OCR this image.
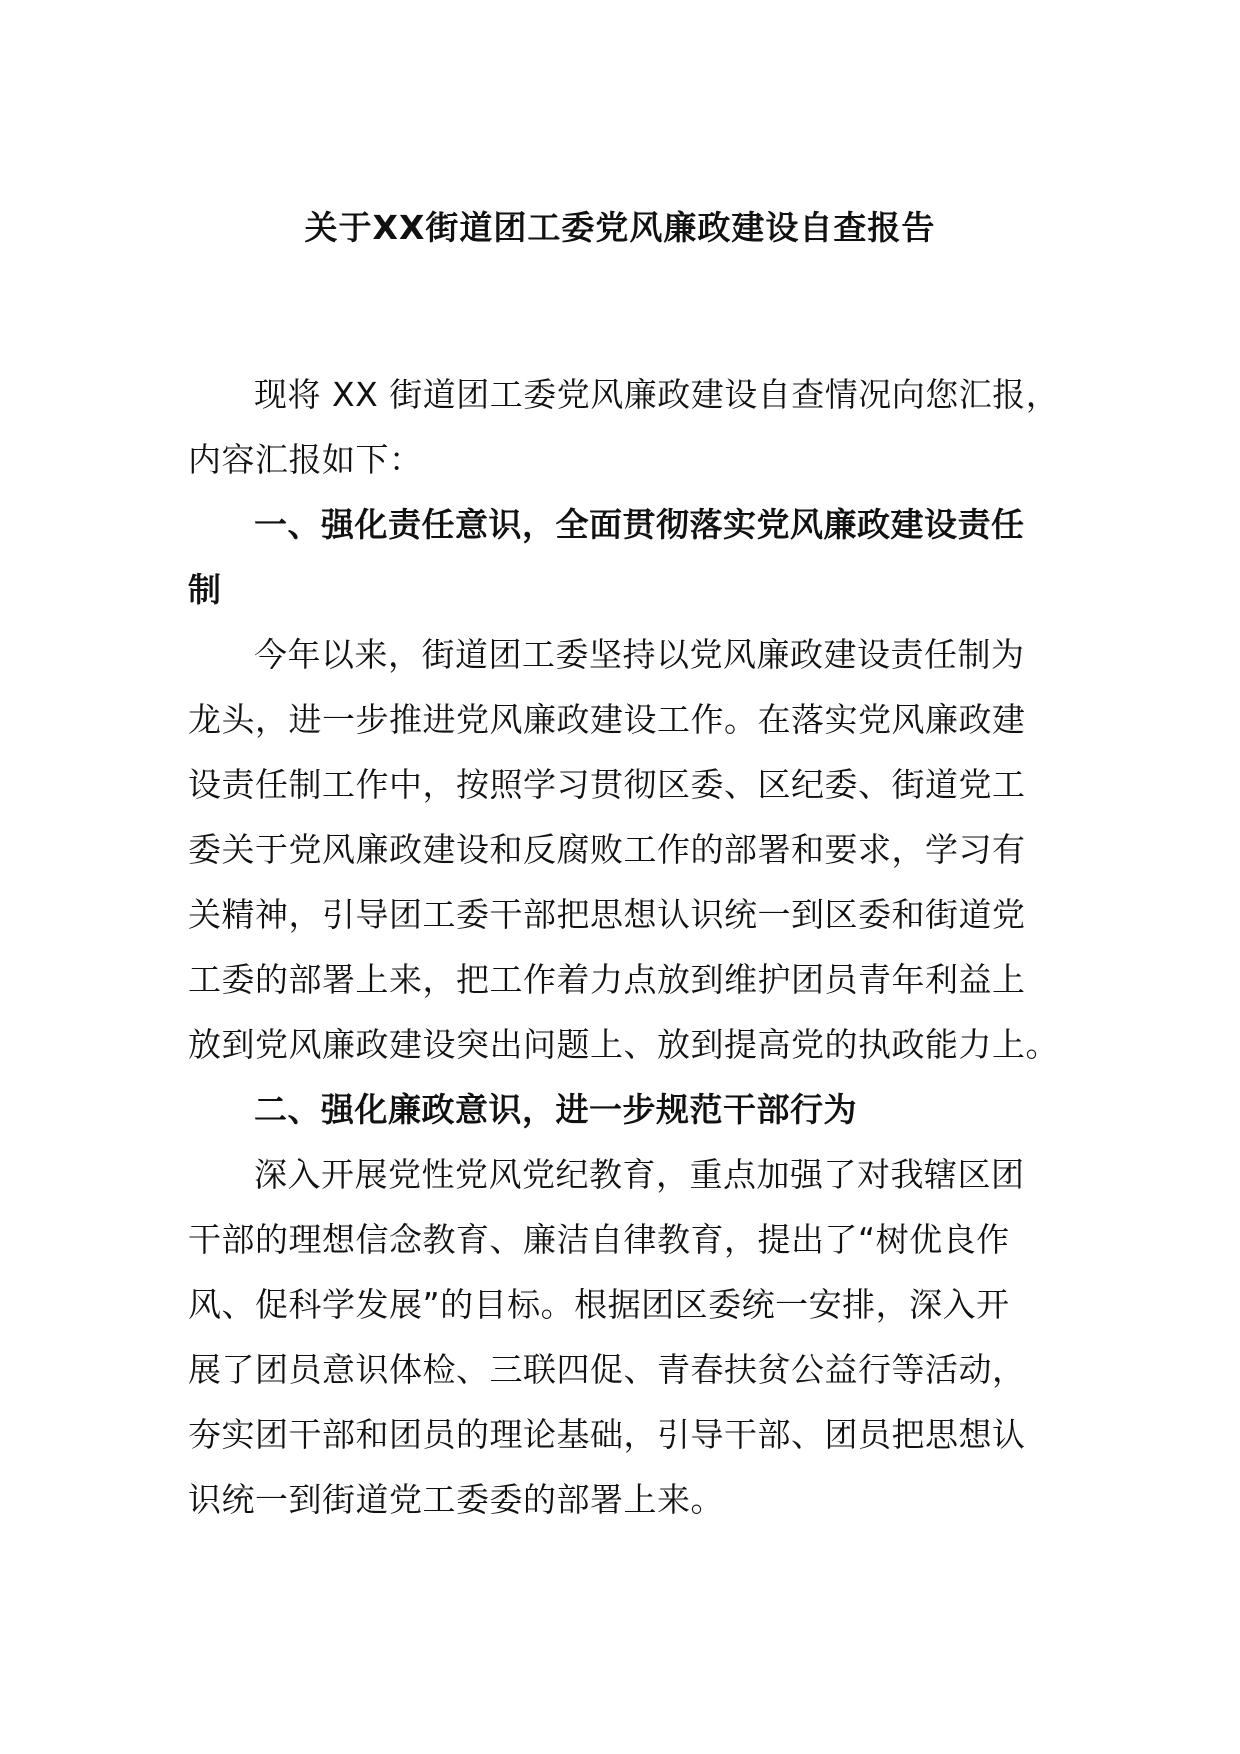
关于XX街道团工委党风廉政建设自查报告
现将 XX 街道团工委党风廉政建设自查情况向您汇报，
内容汇报如下：
一、强化责任意识，全面贯彻落实党风廉政建设责任
制
今年以来，街道团工委坚持以党风廉政建设责任制为
龙头，进一步推进党风廉政建设工作。在落实党风廉政建
设责任制工作中，按照学习贯彻区委、区纪委、街道党工
委关于党风廉政建设和反腐败工作的部署和要求，学习有
关精神，引导团工委干部把思想认识统一到区委和街道党
工委的部署上来，把工作着力点放到维护团员青年利益上
放到党风廉政建设突出问题上、放到提高党的执政能力上。
二、强化廉政意识，进一步规范干部行为
深入开展党性党风党纪教育，重点加强了对我辖区团
干部的理想信念教育、廉洁自律教育，提出了“树优良作
风、促科学发展”的目标。根据团区委统一安排，深入开
展了团员意识体检、三联四促、青春扶贫公益行等活动，
夯实团干部和团员的理论基础，引导干部、团员把思想认
识统一到街道党工委委的部署上来。
